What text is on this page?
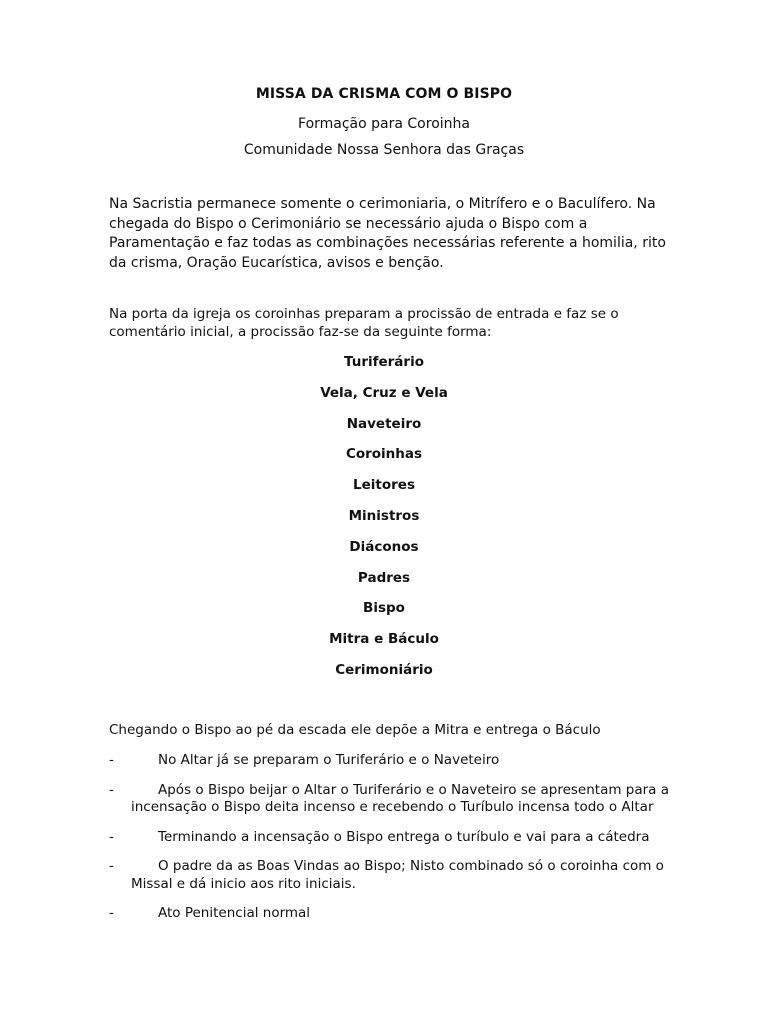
MISSA DA CRISMA COM O BISPO
Formação para Coroinha
Comunidade Nossa Senhora das Graças
Na Sacristia permanece somente o cerimoniaria, o Mitrífero e o Baculífero. Na chegada do Bispo o Cerimoniário se necessário ajuda o Bispo com a Paramentação e faz todas as combinações necessárias referente a homilia, rito da crisma, Oração Eucarística, avisos e benção.
Na porta da igreja os coroinhas preparam a procissão de entrada e faz se o comentário inicial, a procissão faz-se da seguinte forma:
Turiferário
Vela, Cruz e Vela
Naveteiro
Coroinhas
Leitores
Ministros
Diáconos
Padres
Bispo
Mitra e Báculo
Cerimoniário
Chegando o Bispo ao pé da escada ele depõe a Mitra e entrega o Báculo
-	No Altar já se preparam o Turiferário e o Naveteiro
-	Após o Bispo beijar o Altar o Turiferário e o Naveteiro se apresentam para a incensação o Bispo deita incenso e recebendo o Turíbulo incensa todo o Altar
-	Terminando a incensação o Bispo entrega o turíbulo e vai para a cátedra
-	O padre da as Boas Vindas ao Bispo; Nisto combinado só o coroinha com o Missal e dá inicio aos rito iniciais.
-	Ato Penitencial normal
